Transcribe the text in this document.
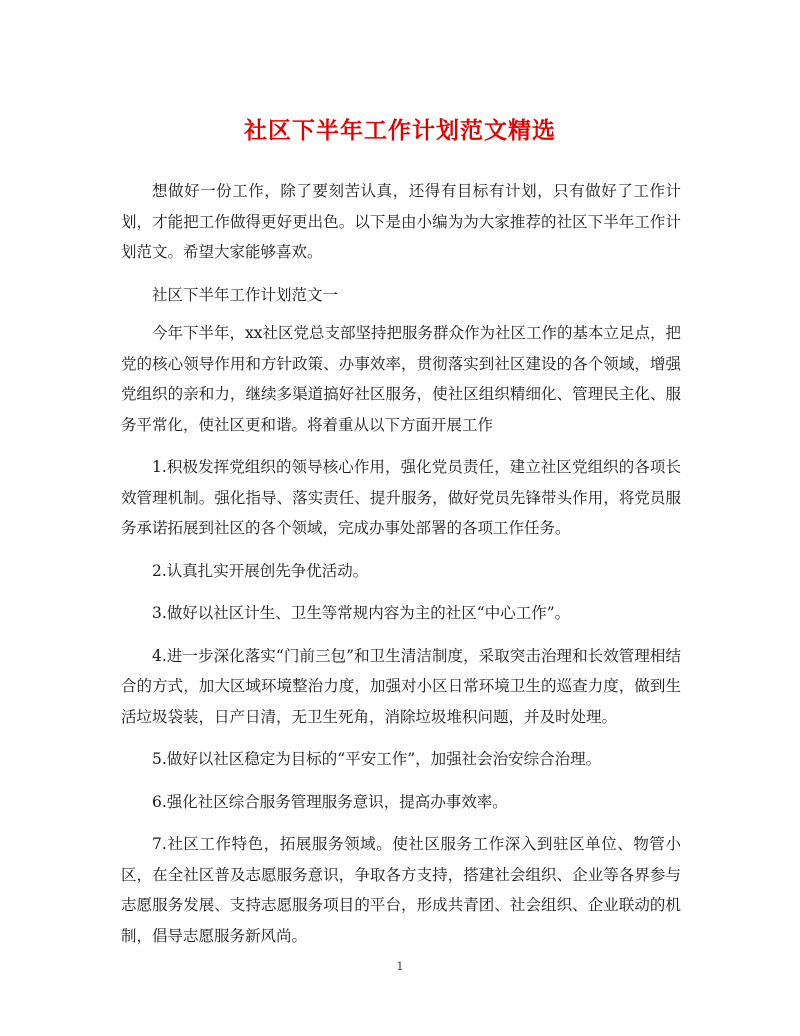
社区下半年工作计划范文精选

想做好一份工作，除了要刻苦认真，还得有目标有计划，只有做好了工作计划，才能把工作做得更好更出色。以下是由小编为为大家推荐的社区下半年工作计划范文。希望大家能够喜欢。

社区下半年工作计划范文一

今年下半年，xx社区党总支部坚持把服务群众作为社区工作的基本立足点，把党的核心领导作用和方针政策、办事效率，贯彻落实到社区建设的各个领域，增强党组织的亲和力，继续多渠道搞好社区服务，使社区组织精细化、管理民主化、服务平常化，使社区更和谐。将着重从以下方面开展工作

1.积极发挥党组织的领导核心作用，强化党员责任，建立社区党组织的各项长效管理机制。强化指导、落实责任、提升服务，做好党员先锋带头作用，将党员服务承诺拓展到社区的各个领域，完成办事处部署的各项工作任务。

2.认真扎实开展创先争优活动。

3.做好以社区计生、卫生等常规内容为主的社区“中心工作”。

4.进一步深化落实“门前三包”和卫生清洁制度，采取突击治理和长效管理相结合的方式，加大区域环境整治力度，加强对小区日常环境卫生的巡查力度，做到生活垃圾袋装，日产日清，无卫生死角，消除垃圾堆积问题，并及时处理。

5.做好以社区稳定为目标的“平安工作”，加强社会治安综合治理。

6.强化社区综合服务管理服务意识，提高办事效率。

7.社区工作特色，拓展服务领域。使社区服务工作深入到驻区单位、物管小区，在全社区普及志愿服务意识，争取各方支持，搭建社会组织、企业等各界参与志愿服务发展、支持志愿服务项目的平台，形成共青团、社会组织、企业联动的机制，倡导志愿服务新风尚。

1
